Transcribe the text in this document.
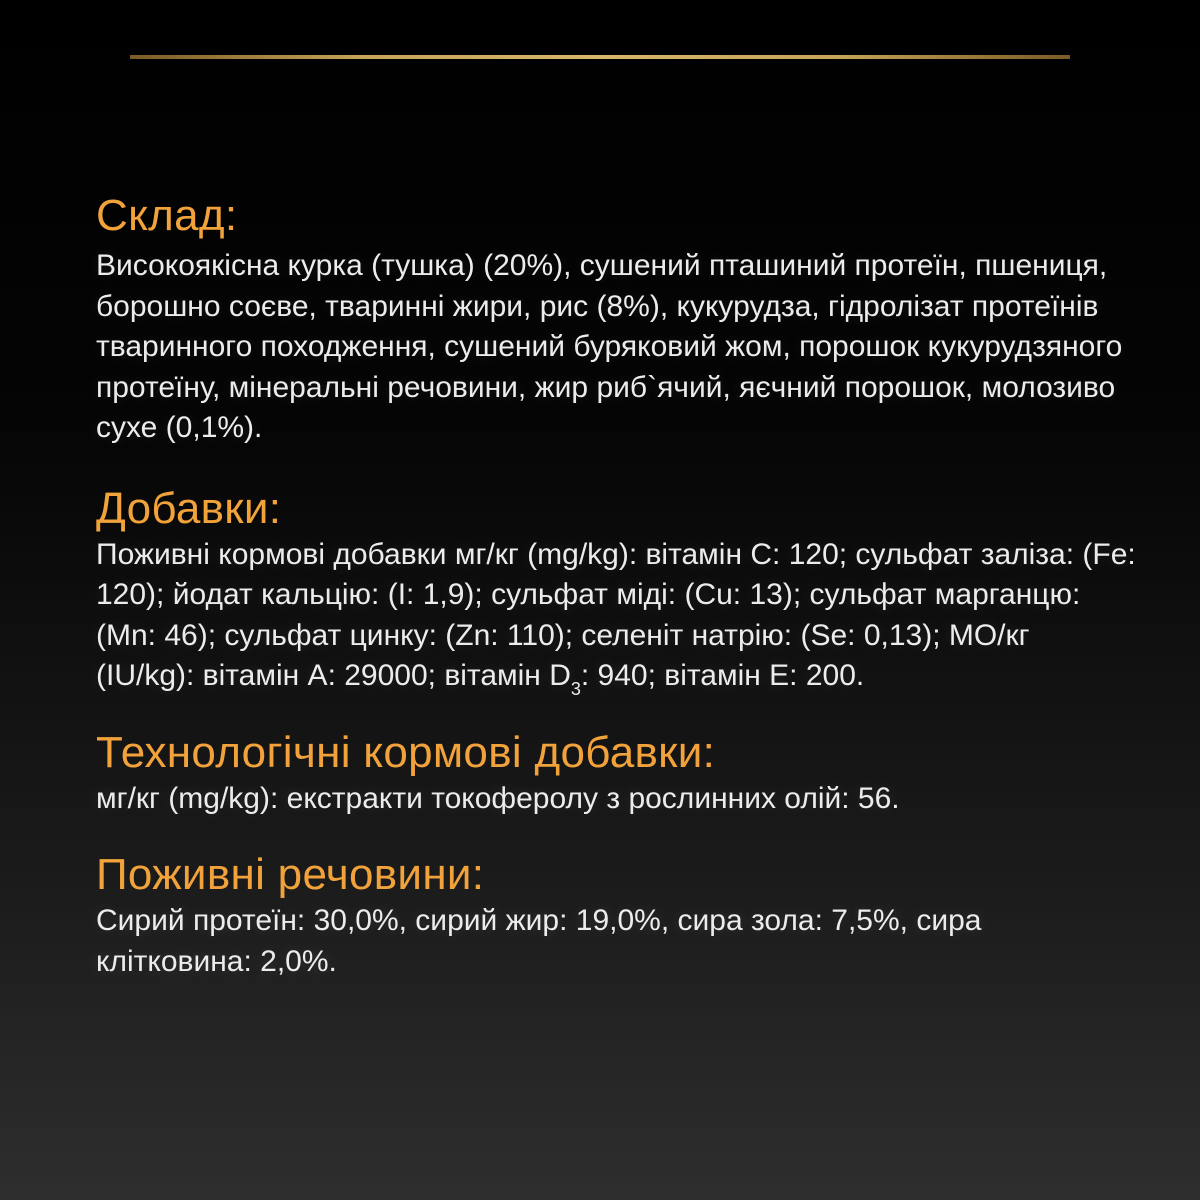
Склад:

Високоякісна курка (тушка) (20%), сушений пташиний протеїн, пшениця, борошно соєве, тваринні жири, рис (8%), кукурудза, гідролізат протеїнів тваринного походження, сушений буряковий жом, порошок кукурудзяного протеїну, мінеральні речовини, жир риб`ячий, яєчний порошок, молозиво сухе (0,1%).

Добавки:

Поживні кормові добавки мг/кг (mg/kg): вітамін С: 120; сульфат заліза: (Fe: 120); йодат кальцію: (I: 1,9); сульфат міді: (Cu: 13); сульфат марганцю: (Mn: 46); сульфат цинку: (Zn: 110); селеніт натрію: (Se: 0,13); МО/кг (IU/kg): вітамін А: 29000; вітамін $D_3$: 940; вітамін Е: 200.

Технологічні кормові добавки:

мг/кг (mg/kg): екстракти токоферолу з рослинних олій: 56.

Поживні речовини:

Сирий протеїн: 30,0%, сирий жир: 19,0%, сира зола: 7,5%, сира клітковина: 2,0%.
